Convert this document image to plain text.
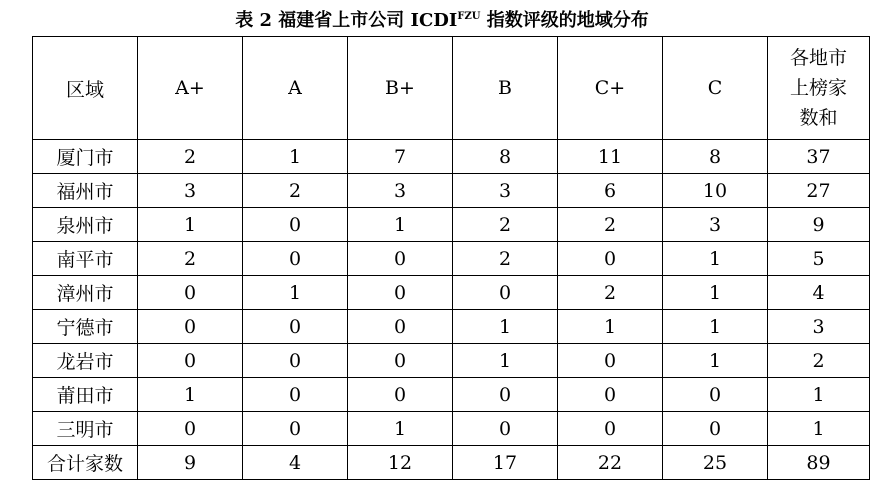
表 2 福建省上市公司 $ICDI^{FZU}$ 指数评级的地域分布
区域	A+	A	B+	B	C+	C	各地市
上榜家
数和

厦门市	2	1	7	8	11	8	37
福州市	3	2	3	3	6	10	27
泉州市	1	0	1	2	2	3	9
南平市	2	0	0	2	0	1	5
漳州市	0	1	0	0	2	1	4
宁德市	0	0	0	1	1	1	3
龙岩市	0	0	0	1	0	1	2
莆田市	1	0	0	0	0	0	1
三明市	0	0	1	0	0	0	1
合计家数	9	4	12	17	22	25	89
